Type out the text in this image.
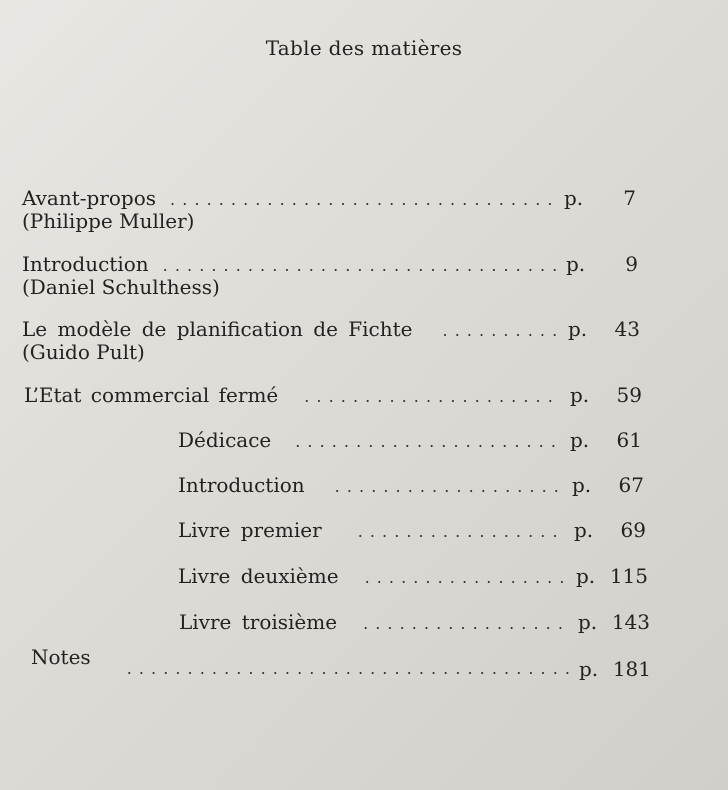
Table des matières
Avant-propos . . .	p.	7
(Philippe Muller)
Introduction . . .	p.	9
(Daniel Schulthess)
Le modèle de planification de Fichte . . .	p.	43
(Guido Pult)
L’Etat commercial fermé . . .	p.	59
Dédicace . . .	p.	61
Introduction . . .	p.	67
Livre premier . . .	p.	69
Livre deuxième . . .	p. 115
Livre troisième . . .	p. 143
Notes . . .	p. 181
